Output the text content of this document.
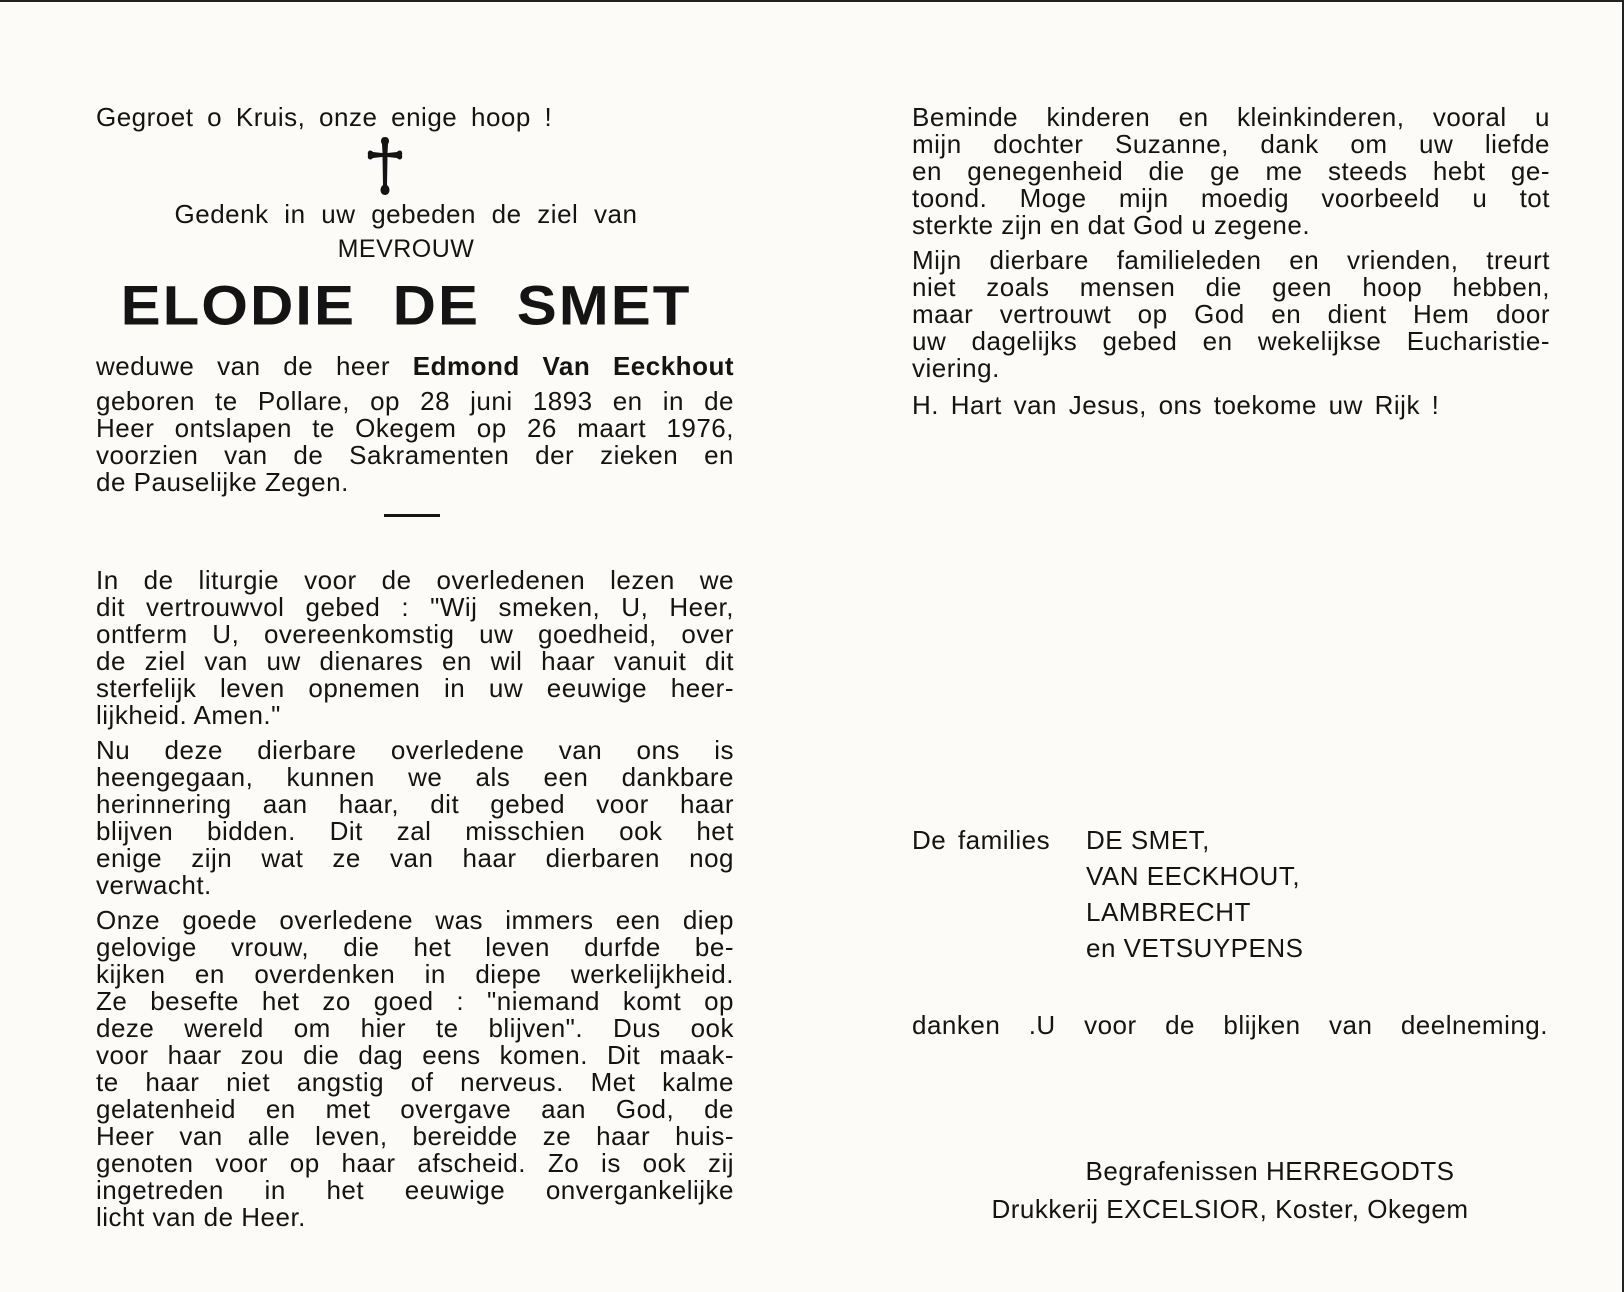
Gegroet o Kruis, onze enige hoop !

Gedenk in uw gebeden de ziel van

MEVROUW

ELODIE DE SMET

weduwe van de heer Edmond Van Eeckhout

geboren te Pollare, op 28 juni 1893 en in de

Heer ontslapen te Okegem op 26 maart 1976,

voorzien van de Sakramenten der zieken en

de Pauselijke Zegen.

In de liturgie voor de overledenen lezen we

dit vertrouwvol gebed : "Wij smeken, U, Heer,

ontferm U, overeenkomstig uw goedheid, over

de ziel van uw dienares en wil haar vanuit dit

sterfelijk leven opnemen in uw eeuwige heer-

lijkheid. Amen."

Nu deze dierbare overledene van ons is

heengegaan, kunnen we als een dankbare

herinnering aan haar, dit gebed voor haar

blijven bidden. Dit zal misschien ook het

enige zijn wat ze van haar dierbaren nog

verwacht.

Onze goede overledene was immers een diep

gelovige vrouw, die het leven durfde be-

kijken en overdenken in diepe werkelijkheid.

Ze besefte het zo goed : "niemand komt op

deze wereld om hier te blijven". Dus ook

voor haar zou die dag eens komen. Dit maak-

te haar niet angstig of nerveus. Met kalme

gelatenheid en met overgave aan God, de

Heer van alle leven, bereidde ze haar huis-

genoten voor op haar afscheid. Zo is ook zij

ingetreden in het eeuwige onvergankelijke

licht van de Heer.

Beminde kinderen en kleinkinderen, vooral u

mijn dochter Suzanne, dank om uw liefde

en genegenheid die ge me steeds hebt ge-

toond. Moge mijn moedig voorbeeld u tot

sterkte zijn en dat God u zegene.

Mijn dierbare familieleden en vrienden, treurt

niet zoals mensen die geen hoop hebben,

maar vertrouwt op God en dient Hem door

uw dagelijks gebed en wekelijkse Eucharistie-

viering.

H. Hart van Jesus, ons toekome uw Rijk !

De families DE SMET,
VAN EECKHOUT,
LAMBRECHT
en VETSUYPENS

danken .U voor de blijken van deelneming.

Begrafenissen HERREGODTS

Drukkerij EXCELSIOR, Koster, Okegem
